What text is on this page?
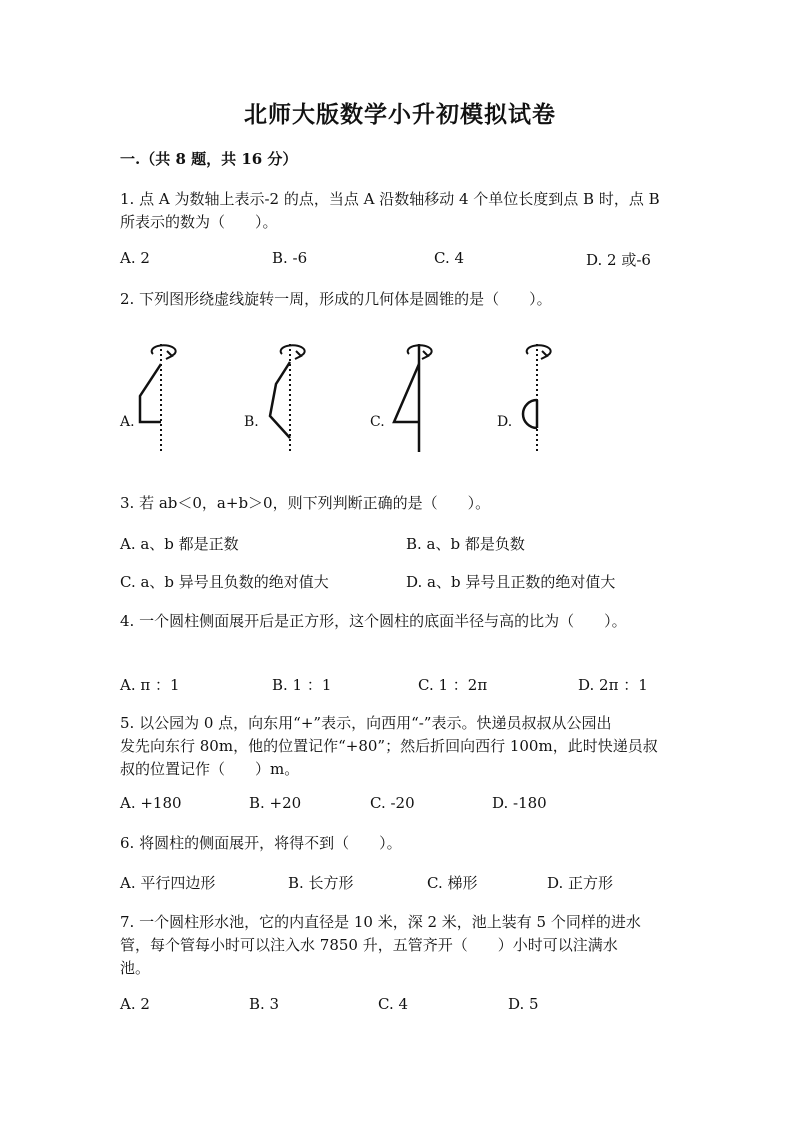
北师大版数学小升初模拟试卷
一.（共 8 题，共 16 分）
1. 点 A 为数轴上表示-2 的点，当点 A 沿数轴移动 4 个单位长度到点 B 时，点 B
所表示的数为（　　）。
A. 2	B. -6	C. 4	D. 2 或-6
2. 下列图形绕虚线旋转一周，形成的几何体是圆锥的是（　　）。
A.	B.	C.	D.
3. 若 ab＜0，a+b＞0，则下列判断正确的是（　　）。
A. a、b 都是正数	B. a、b 都是负数
C. a、b 异号且负数的绝对值大	D. a、b 异号且正数的绝对值大
4. 一个圆柱侧面展开后是正方形，这个圆柱的底面半径与高的比为（　　）。
A. π ：1	B. 1 ：1	C. 1 ：2π	D. 2π ：1
5. 以公园为 0 点，向东用“+”表示，向西用“-”表示。快递员叔叔从公园出
发先向东行 80m，他的位置记作“+80”；然后折回向西行 100m，此时快递员叔
叔的位置记作（　　）m。
A. +180	B. +20	C. -20	D. -180
6. 将圆柱的侧面展开，将得不到（　　）。
A. 平行四边形	B. 长方形	C. 梯形	D. 正方形
7. 一个圆柱形水池，它的内直径是 10 米，深 2 米，池上装有 5 个同样的进水
管，每个管每小时可以注入水 7850 升，五管齐开（　　）小时可以注满水
池。
A. 2	B. 3	C. 4	D. 5
